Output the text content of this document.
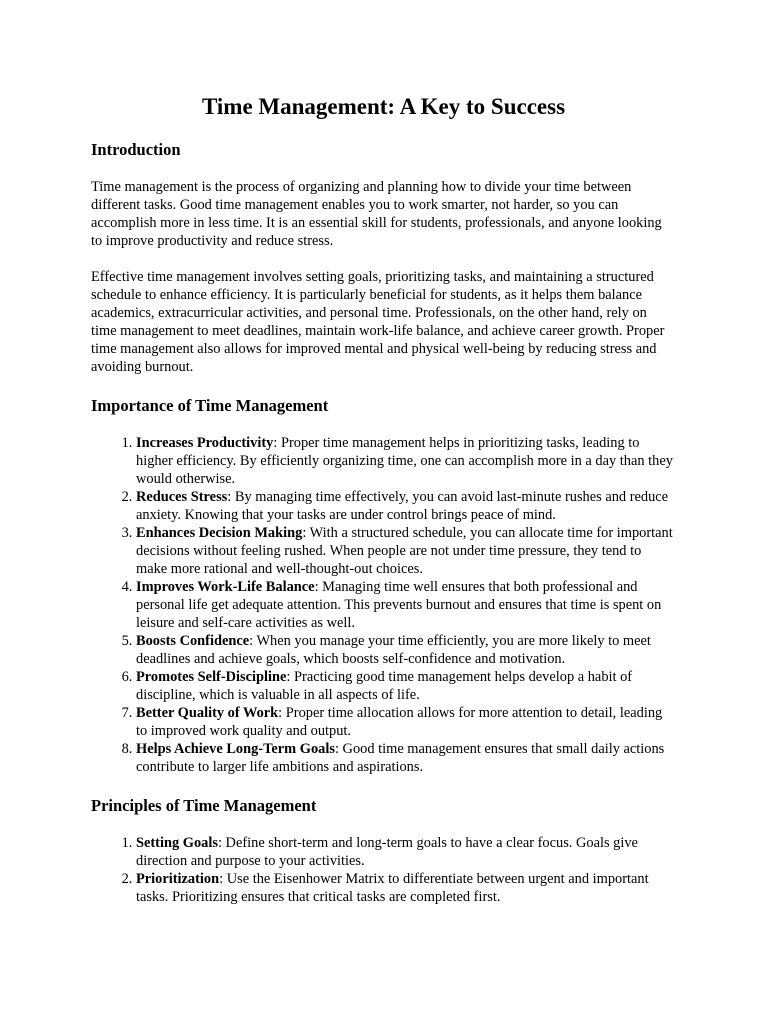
Time Management: A Key to Success
Introduction

Time management is the process of organizing and planning how to divide your time between different tasks. Good time management enables you to work smarter, not harder, so you can accomplish more in less time. It is an essential skill for students, professionals, and anyone looking to improve productivity and reduce stress.

Effective time management involves setting goals, prioritizing tasks, and maintaining a structured schedule to enhance efficiency. It is particularly beneficial for students, as it helps them balance academics, extracurricular activities, and personal time. Professionals, on the other hand, rely on time management to meet deadlines, maintain work-life balance, and achieve career growth. Proper time management also allows for improved mental and physical well-being by reducing stress and avoiding burnout.

Importance of Time Management
1. Increases Productivity: Proper time management helps in prioritizing tasks, leading to higher efficiency. By efficiently organizing time, one can accomplish more in a day than they would otherwise.
2. Reduces Stress: By managing time effectively, you can avoid last-minute rushes and reduce anxiety. Knowing that your tasks are under control brings peace of mind.
3. Enhances Decision Making: With a structured schedule, you can allocate time for important decisions without feeling rushed. When people are not under time pressure, they tend to make more rational and well-thought-out choices.
4. Improves Work-Life Balance: Managing time well ensures that both professional and personal life get adequate attention. This prevents burnout and ensures that time is spent on leisure and self-care activities as well.
5. Boosts Confidence: When you manage your time efficiently, you are more likely to meet deadlines and achieve goals, which boosts self-confidence and motivation.
6. Promotes Self-Discipline: Practicing good time management helps develop a habit of discipline, which is valuable in all aspects of life.
7. Better Quality of Work: Proper time allocation allows for more attention to detail, leading to improved work quality and output.
8. Helps Achieve Long-Term Goals: Good time management ensures that small daily actions contribute to larger life ambitions and aspirations.
Principles of Time Management
1. Setting Goals: Define short-term and long-term goals to have a clear focus. Goals give direction and purpose to your activities.
2. Prioritization: Use the Eisenhower Matrix to differentiate between urgent and important tasks. Prioritizing ensures that critical tasks are completed first.
